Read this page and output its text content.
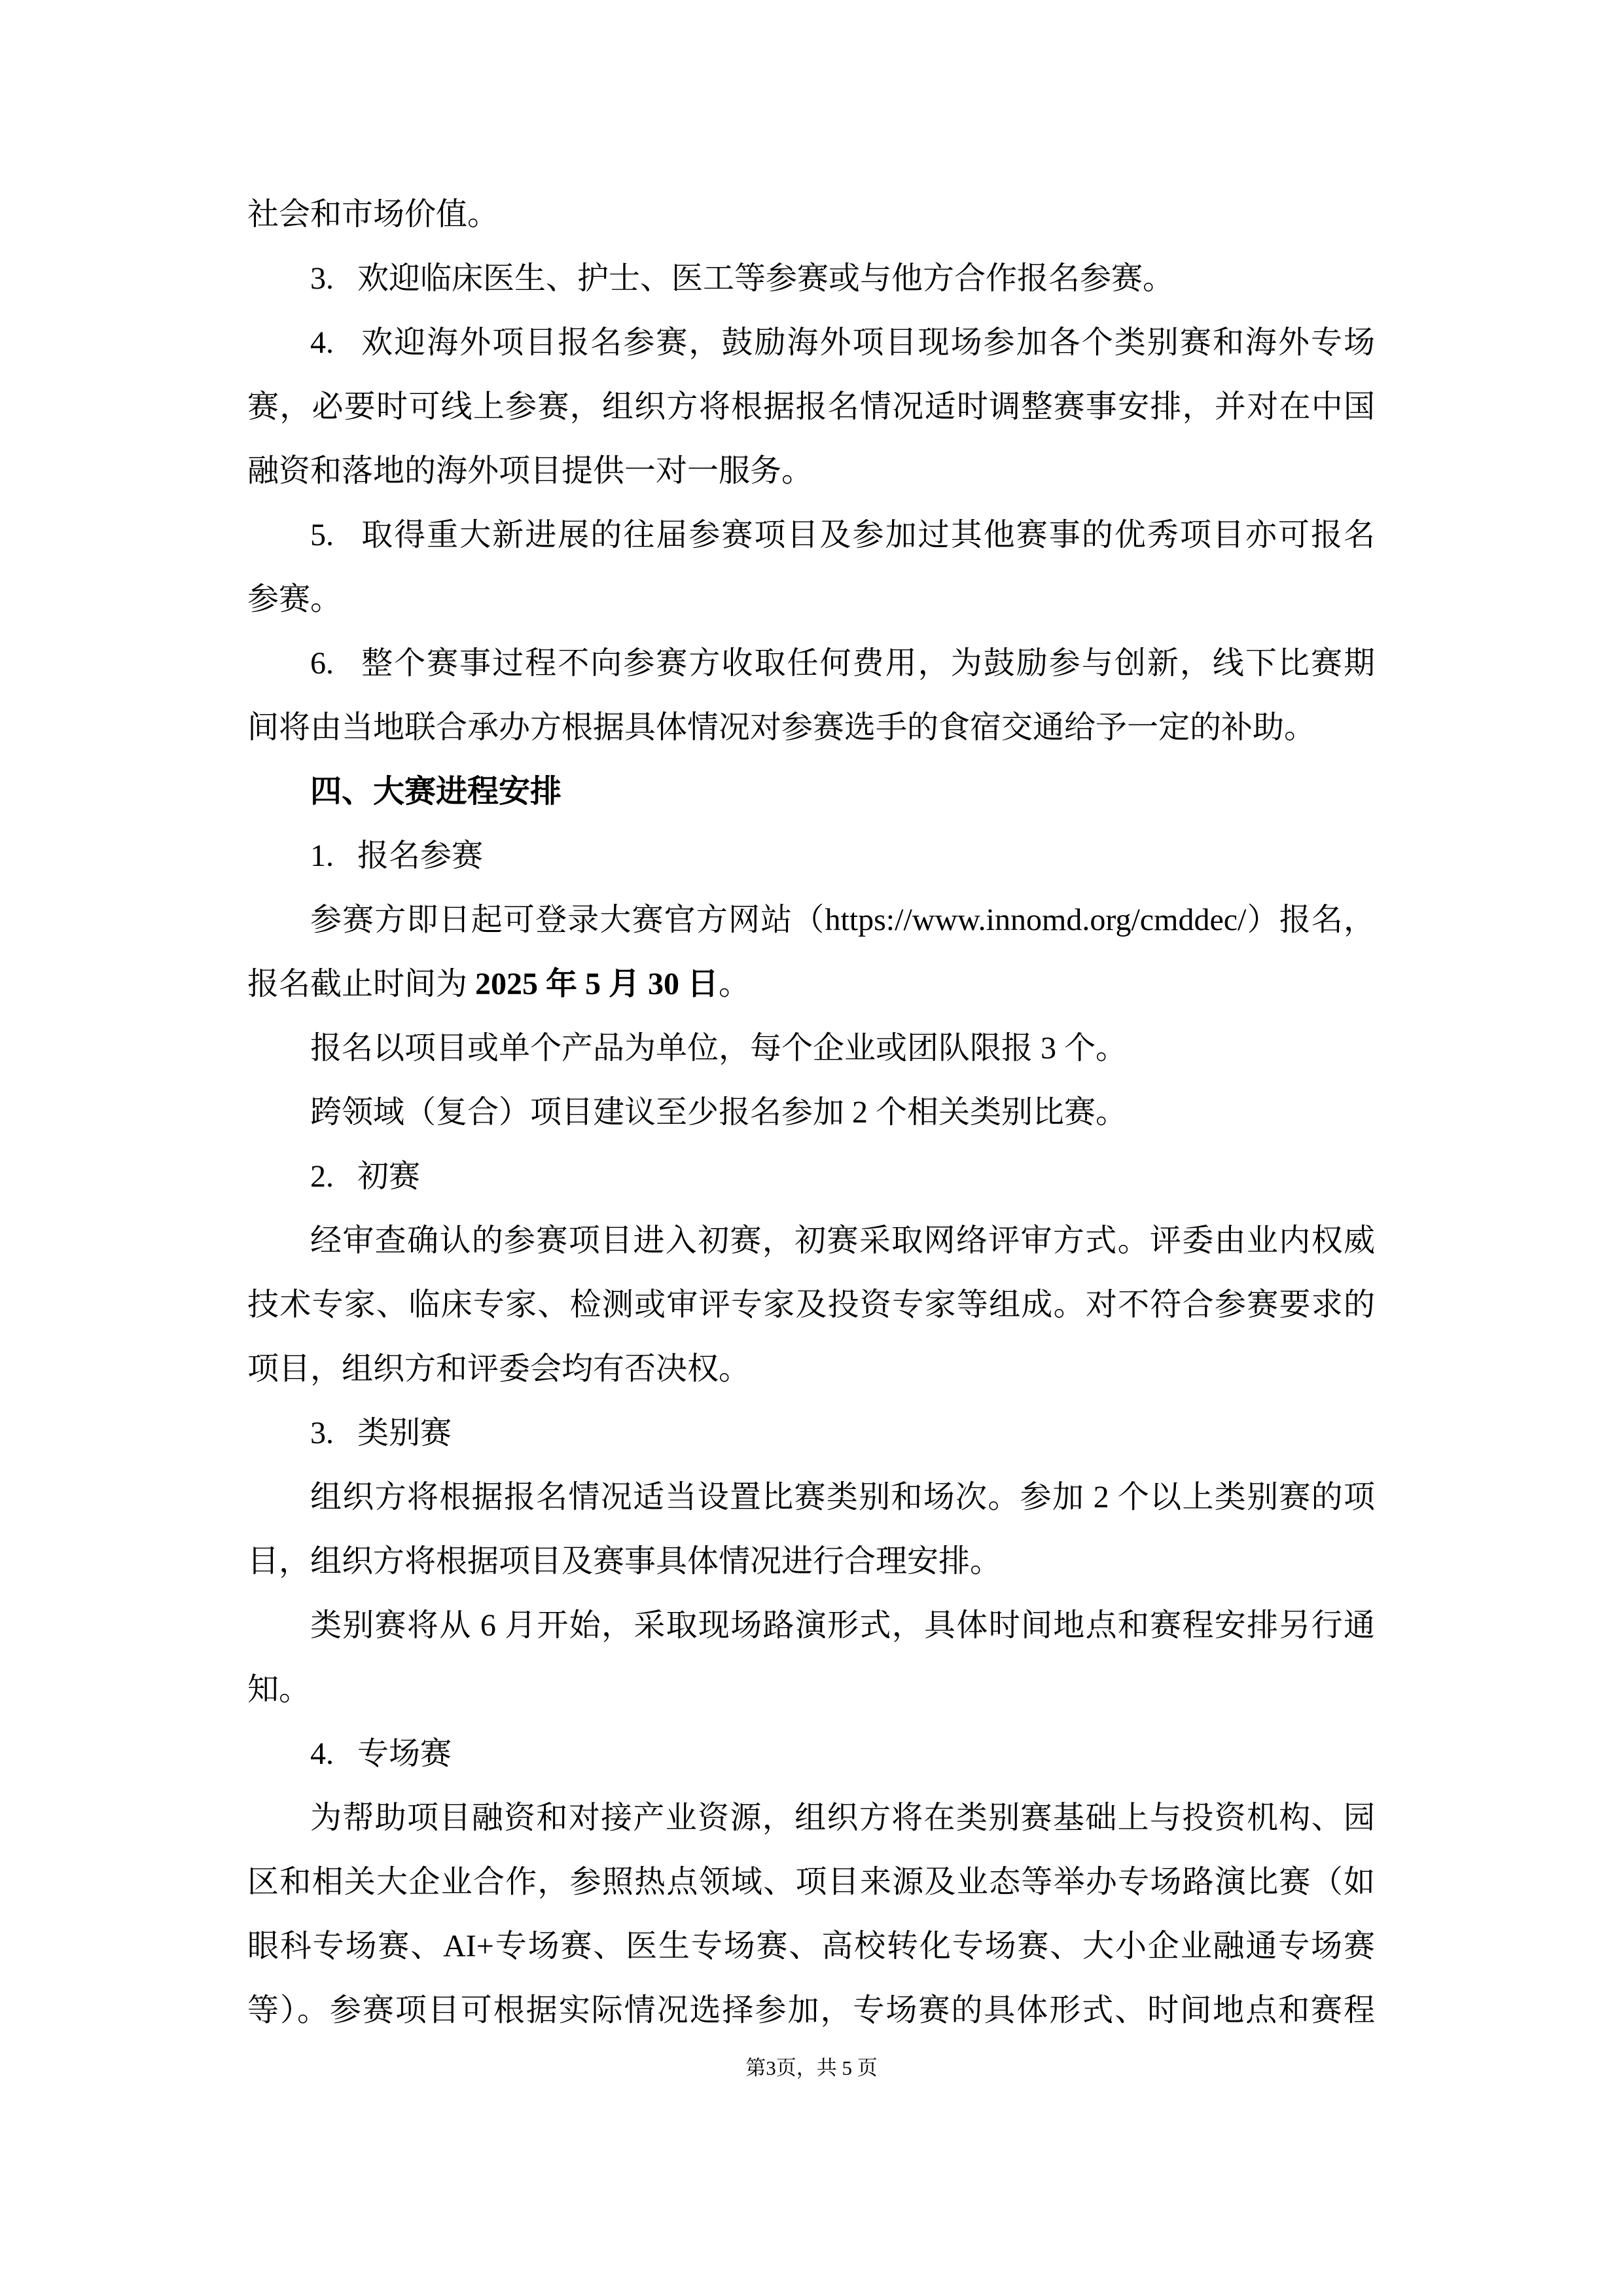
社会和市场价值。
3.   欢迎临床医生、护士、医工等参赛或与他方合作报名参赛。
4.   欢迎海外项目报名参赛，鼓励海外项目现场参加各个类别赛和海外专场
赛，必要时可线上参赛，组织方将根据报名情况适时调整赛事安排，并对在中国
融资和落地的海外项目提供一对一服务。
5.   取得重大新进展的往届参赛项目及参加过其他赛事的优秀项目亦可报名
参赛。
6.   整个赛事过程不向参赛方收取任何费用，为鼓励参与创新，线下比赛期
间将由当地联合承办方根据具体情况对参赛选手的食宿交通给予一定的补助。
四、大赛进程安排
1.   报名参赛
参赛方即日起可登录大赛官方网站（https://www.innomd.org/cmddec/）报名，
报名截止时间为 2025 年 5 月 30 日。
报名以项目或单个产品为单位，每个企业或团队限报 3 个。
跨领域（复合）项目建议至少报名参加 2 个相关类别比赛。
2.   初赛
经审查确认的参赛项目进入初赛，初赛采取网络评审方式。评委由业内权威
技术专家、临床专家、检测或审评专家及投资专家等组成。对不符合参赛要求的
项目，组织方和评委会均有否决权。
3.   类别赛
组织方将根据报名情况适当设置比赛类别和场次。参加 2 个以上类别赛的项
目，组织方将根据项目及赛事具体情况进行合理安排。
类别赛将从 6 月开始，采取现场路演形式，具体时间地点和赛程安排另行通
知。
4.   专场赛
为帮助项目融资和对接产业资源，组织方将在类别赛基础上与投资机构、园
区和相关大企业合作，参照热点领域、项目来源及业态等举办专场路演比赛（如
眼科专场赛、AI+专场赛、医生专场赛、高校转化专场赛、大小企业融通专场赛
等）。参赛项目可根据实际情况选择参加，专场赛的具体形式、时间地点和赛程
第3页，共 5 页
